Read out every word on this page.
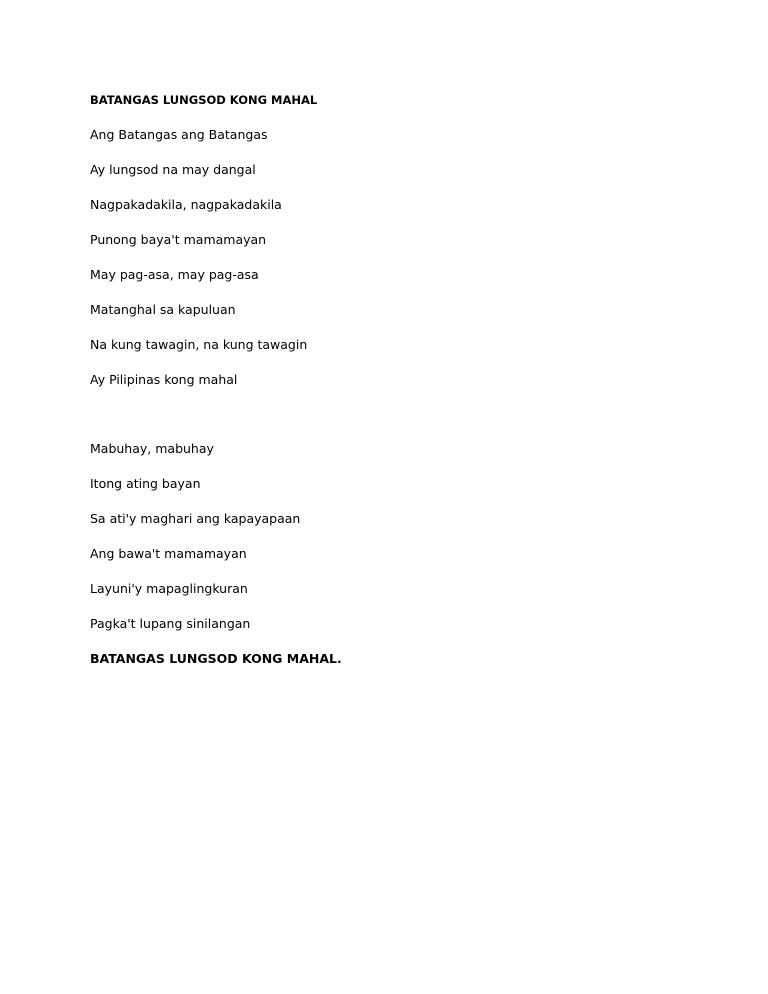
BATANGAS LUNGSOD KONG MAHAL
Ang Batangas ang Batangas
Ay lungsod na may dangal
Nagpakadakila, nagpakadakila
Punong baya't mamamayan
May pag-asa, may pag-asa
Matanghal sa kapuluan
Na kung tawagin, na kung tawagin
Ay Pilipinas kong mahal
Mabuhay, mabuhay
Itong ating bayan
Sa ati'y maghari ang kapayapaan
Ang bawa't mamamayan
Layuni'y mapaglingkuran
Pagka't lupang sinilangan
BATANGAS LUNGSOD KONG MAHAL.
